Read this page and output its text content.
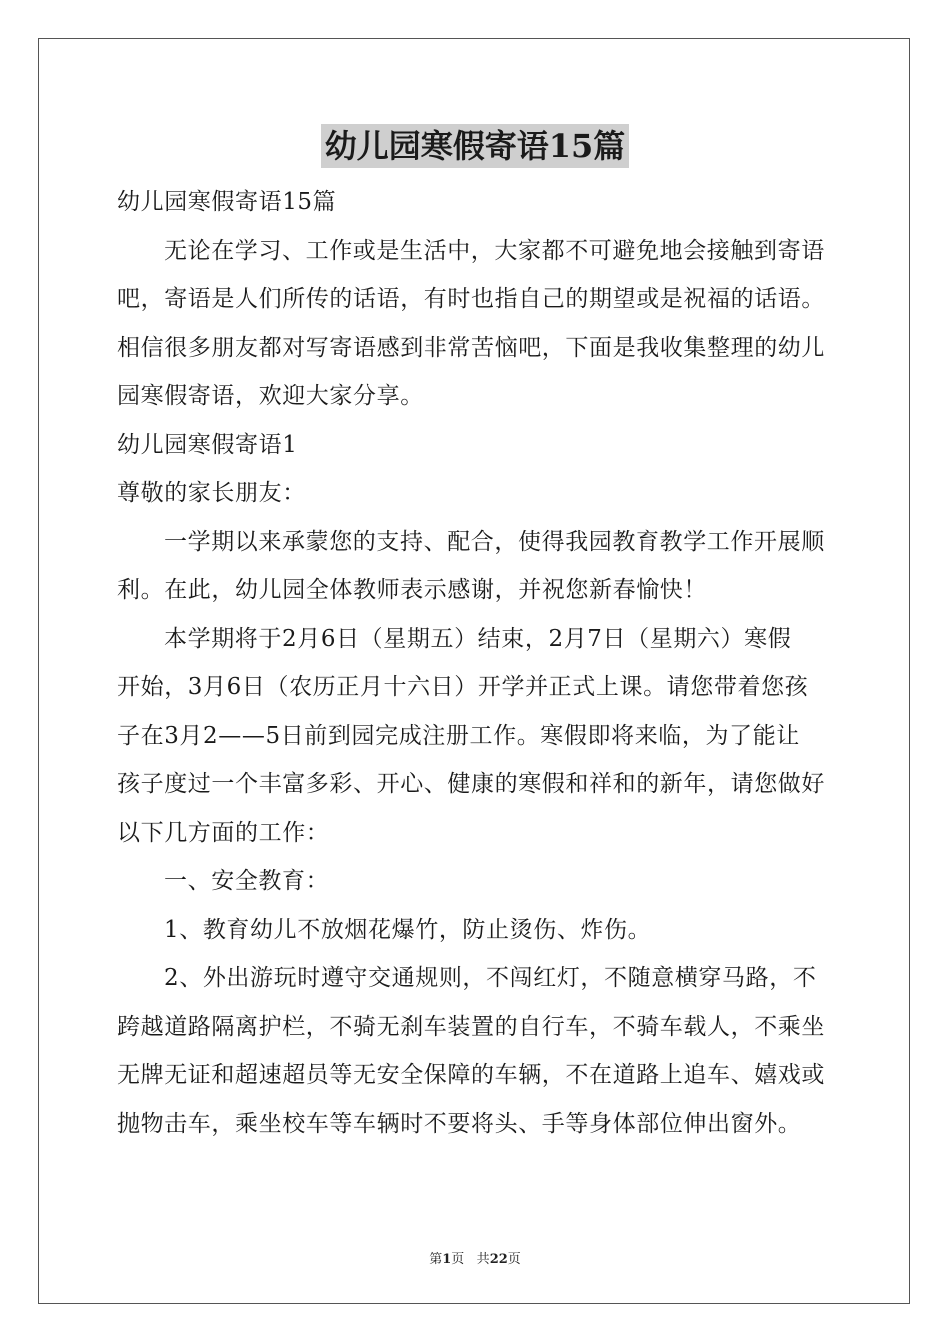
幼儿园寒假寄语15篇
幼儿园寒假寄语15篇
无论在学习、工作或是生活中，大家都不可避免地会接触到寄语
吧，寄语是人们所传的话语，有时也指自己的期望或是祝福的话语。
相信很多朋友都对写寄语感到非常苦恼吧，下面是我收集整理的幼儿
园寒假寄语，欢迎大家分享。
幼儿园寒假寄语1
尊敬的家长朋友：
一学期以来承蒙您的支持、配合，使得我园教育教学工作开展顺
利。在此，幼儿园全体教师表示感谢，并祝您新春愉快！
本学期将于2月6日（星期五）结束，2月7日（星期六）寒假
开始，3月6日（农历正月十六日）开学并正式上课。请您带着您孩
子在3月2——5日前到园完成注册工作。寒假即将来临，为了能让
孩子度过一个丰富多彩、开心、健康的寒假和祥和的新年，请您做好
以下几方面的工作：
一、安全教育：
1、教育幼儿不放烟花爆竹，防止烫伤、炸伤。
2、外出游玩时遵守交通规则，不闯红灯，不随意横穿马路，不
跨越道路隔离护栏，不骑无刹车装置的自行车，不骑车载人，不乘坐
无牌无证和超速超员等无安全保障的车辆，不在道路上追车、嬉戏或
抛物击车，乘坐校车等车辆时不要将头、手等身体部位伸出窗外。
第1页 共22页
